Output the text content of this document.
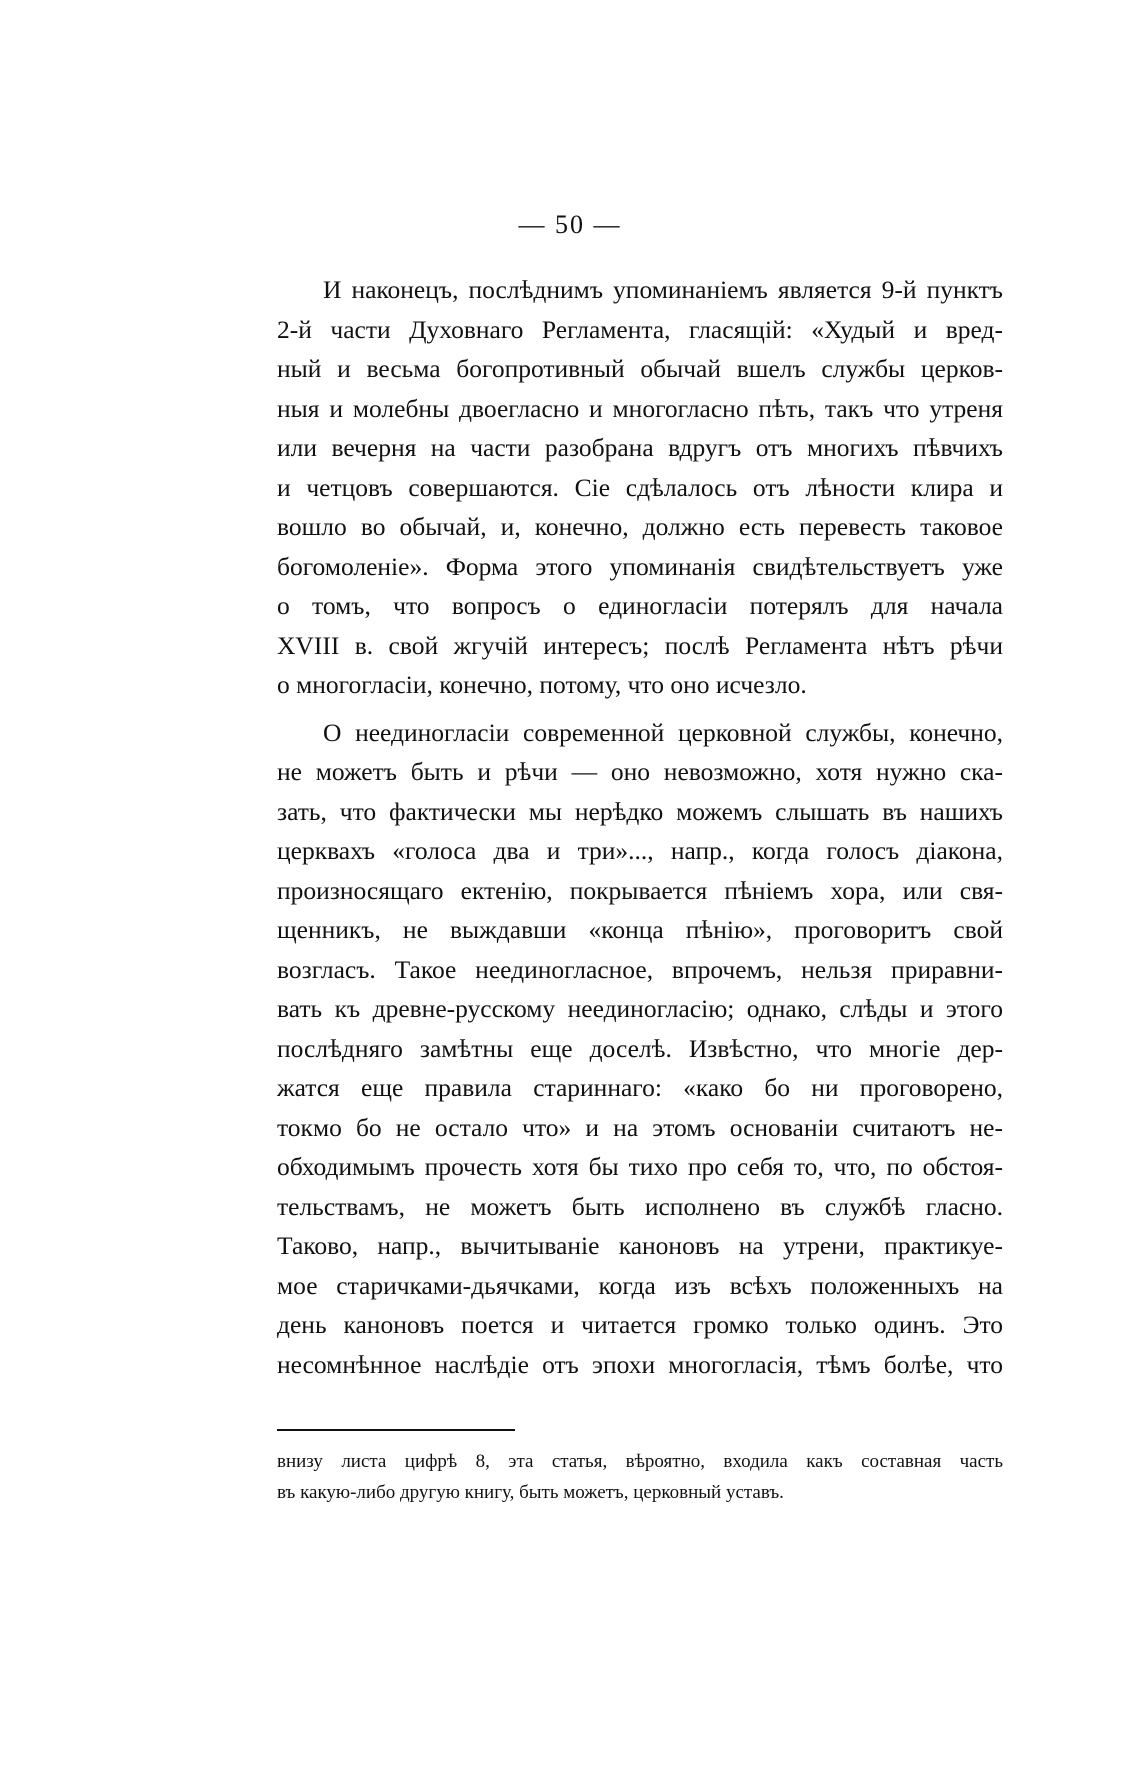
— 50 —
И наконецъ, послѣднимъ упоминаніемъ является 9-й пунктъ
2-й части Духовнаго Регламента, гласящій: «Худый и вред-
ный и весьма богопротивный обычай вшелъ службы церков-
ныя и молебны двоегласно и многогласно пѣть, такъ что утреня
или вечерня на части разобрана вдругъ отъ многихъ пѣвчихъ
и четцовъ совершаются. Сіе сдѣлалось отъ лѣности клира и
вошло во обычай, и, конечно, должно есть перевесть таковое
богомоленіе». Форма этого упоминанія свидѣтельствуетъ уже
о томъ, что вопросъ о единогласіи потерялъ для начала
XVIII в. свой жгучій интересъ; послѣ Регламента нѣтъ рѣчи
о многогласіи, конечно, потому, что оно исчезло.
О неединогласіи современной церковной службы, конечно,
не можетъ быть и рѣчи — оно невозможно, хотя нужно ска-
зать, что фактически мы нерѣдко можемъ слышать въ нашихъ
церквахъ «голоса два и три»..., напр., когда голосъ діакона,
произносящаго ектенію, покрывается пѣніемъ хора, или свя-
щенникъ, не выждавши «конца пѣнію», проговоритъ свой
возгласъ. Такое неединогласное, впрочемъ, нельзя приравни-
вать къ древне-русскому неединогласію; однако, слѣды и этого
послѣдняго замѣтны еще доселѣ. Извѣстно, что многіе дер-
жатся еще правила стариннаго: «како бо ни проговорено,
токмо бо не остало что» и на этомъ основаніи считаютъ не-
обходимымъ прочесть хотя бы тихо про себя то, что, по обстоя-
тельствамъ, не можетъ быть исполнено въ службѣ гласно.
Таково, напр., вычитываніе каноновъ на утрени, практикуе-
мое старичками-дьячками, когда изъ всѣхъ положенныхъ на
день каноновъ поется и читается громко только одинъ. Это
несомнѣнное наслѣдіе отъ эпохи многогласія, тѣмъ болѣе, что
внизу листа цифрѣ 8, эта статья, вѣроятно, входила какъ составная часть
въ какую-либо другую книгу, быть можетъ, церковный уставъ.
